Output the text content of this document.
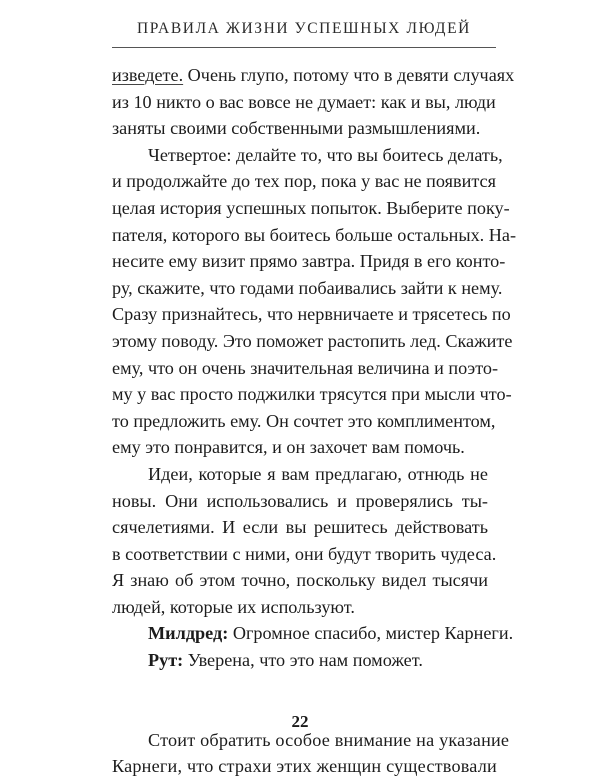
ПРАВИЛА ЖИЗНИ УСПЕШНЫХ ЛЮДЕЙ
изведете. Очень глупо, потому что в девяти случаях
из 10 никто о вас вовсе не думает: как и вы, люди
заняты своими собственными размышлениями.
Четвертое: делайте то, что вы боитесь делать,
и продолжайте до тех пор, пока у вас не появится
целая история успешных попыток. Выберите поку-
пателя, которого вы боитесь больше остальных. На-
несите ему визит прямо завтра. Придя в его конто-
ру, скажите, что годами побаивались зайти к нему.
Сразу признайтесь, что нервничаете и трясетесь по
этому поводу. Это поможет растопить лед. Скажите
ему, что он очень значительная величина и поэто-
му у вас просто поджилки трясутся при мысли что-
то предложить ему. Он сочтет это комплиментом,
ему это понравится, и он захочет вам помочь.
Идеи, которые я вам предлагаю, отнюдь не
новы. Они использовались и проверялись ты-
сячелетиями. И если вы решитесь действовать
в соответствии с ними, они будут творить чудеса.
Я знаю об этом точно, поскольку видел тысячи
людей, которые их используют.
Милдред: Огромное спасибо, мистер Карнеги.
Рут: Уверена, что это нам поможет.
Стоит обратить особое внимание на указание
Карнеги, что страхи этих женщин существовали
22
